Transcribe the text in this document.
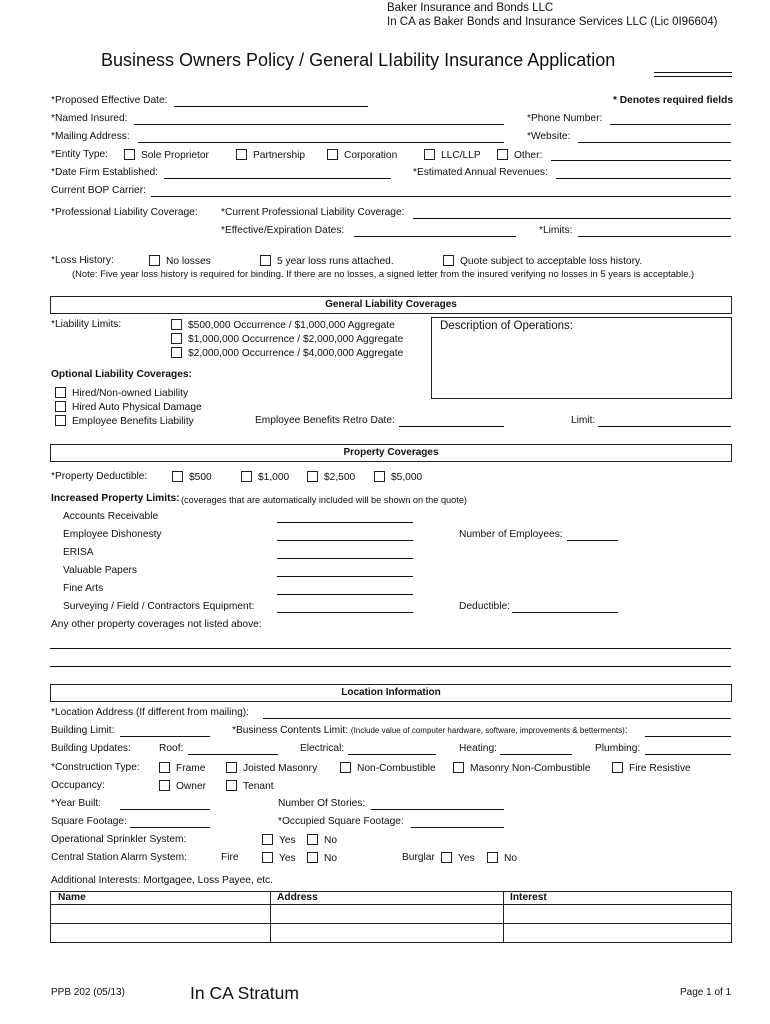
Baker Insurance and Bonds LLC
In CA as Baker Bonds and Insurance Services LLC (Lic 0I96604)
Business Owners Policy / General LIability Insurance Application
*Proposed Effective Date:	* Denotes required fields
*Named Insured:	*Phone Number:
*Mailing Address:	*Website:
*Entity Type:	Sole Proprietor	Partnership	Corporation	LLC/LLP	Other:
*Date Firm Established:	*Estimated Annual Revenues:
Current BOP Carrier:
*Professional Liability Coverage: *Current Professional Liability Coverage:
*Effective/Expiration Dates:	*Limits:
*Loss History:	No losses	5 year loss runs attached.	Quote subject to acceptable loss history.
(Note: Five year loss history is required for binding. If there are no losses, a signed letter from the insured verifying no losses in 5 years is acceptable.)
General Liability Coverages
*Liability Limits:	$500,000 Occurrence / $1,000,000 Aggregate
$1,000,000 Occurrence / $2,000,000 Aggregate
$2,000,000 Occurrence / $4,000,000 Aggregate
Description of Operations:
Optional Liability Coverages:
Hired/Non-owned Liability
Hired Auto Physical Damage
Employee Benefits Liability	Employee Benefits Retro Date:	Limit:
Property Coverages
*Property Deductible:	$500	$1,000	$2,500	$5,000
Increased Property Limits: (coverages that are automatically included will be shown on the quote)
Accounts Receivable
Employee Dishonesty	Number of Employees:
ERISA
Valuable Papers
Fine Arts
Surveying / Field / Contractors Equipment:	Deductible:
Any other property coverages not listed above:
Location Information
*Location Address (If different from mailing):
Building Limit:	*Business Contents Limit: (Include value of computer hardware, software, improvements & betterments):
Building Updates:	Roof:	Electrical:	Heating:	Plumbing:
*Construction Type:	Frame	Joisted Masonry	Non-Combustible	Masonry Non-Combustible	Fire Resistive
Occupancy:	Owner	Tenant
*Year Built:	Number Of Stories:
Square Footage:	*Occupied Square Footage:
Operational Sprinkler System:	Yes	No
Central Station Alarm System:	Fire	Yes	No	Burglar	Yes	No
Additional Interests: Mortgagee, Loss Payee, etc.
Name	Address	Interest
PPB 202 (05/13)	In CA Stratum	Page 1 of 1
